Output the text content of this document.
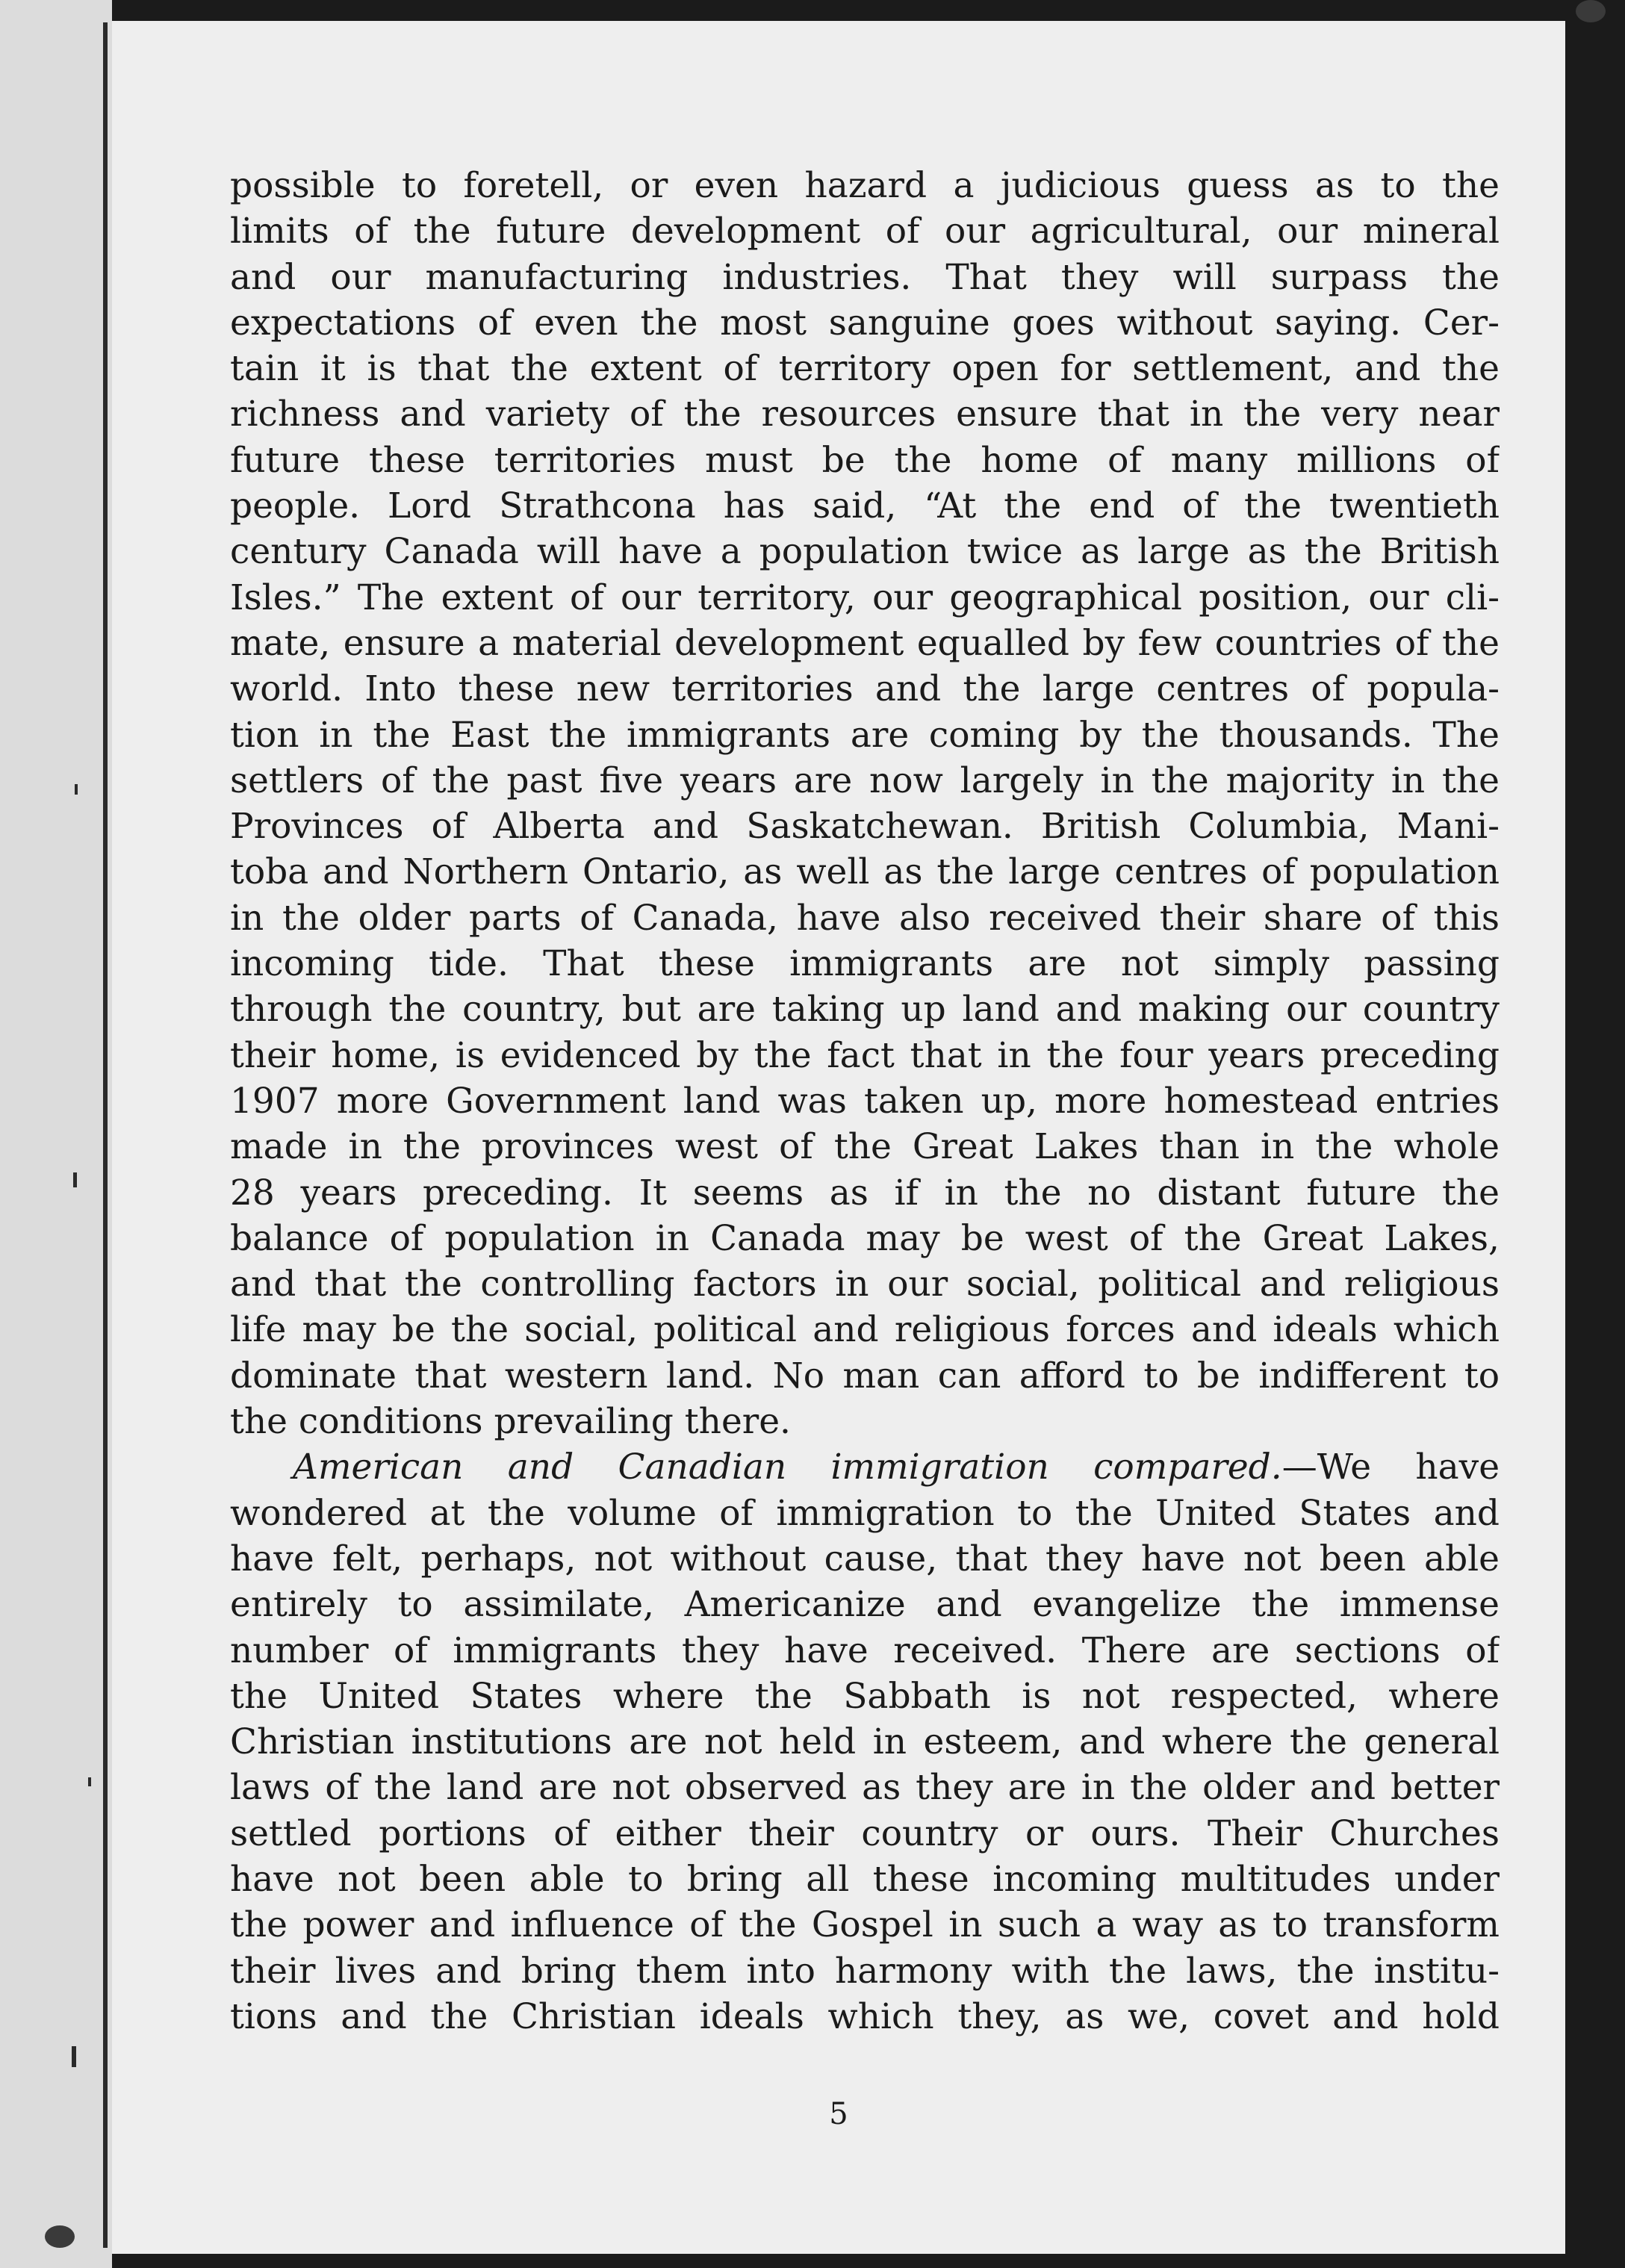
possible to foretell, or even hazard a judicious guess as to the
limits of the future development of our agricultural, our mineral
and our manufacturing industries. That they will surpass the
expectations of even the most sanguine goes without saying. Cer-
tain it is that the extent of territory open for settlement, and the
richness and variety of the resources ensure that in the very near
future these territories must be the home of many millions of
people. Lord Strathcona has said, “At the end of the twentieth
century Canada will have a population twice as large as the British
Isles.” The extent of our territory, our geographical position, our cli-
mate, ensure a material development equalled by few countries of the
world. Into these new territories and the large centres of popula-
tion in the East the immigrants are coming by the thousands. The
settlers of the past five years are now largely in the majority in the
Provinces of Alberta and Saskatchewan. British Columbia, Mani-
toba and Northern Ontario, as well as the large centres of population
in the older parts of Canada, have also received their share of this
incoming tide. That these immigrants are not simply passing
through the country, but are taking up land and making our country
their home, is evidenced by the fact that in the four years preceding
1907 more Government land was taken up, more homestead entries
made in the provinces west of the Great Lakes than in the whole
28 years preceding. It seems as if in the no distant future the
balance of population in Canada may be west of the Great Lakes,
and that the controlling factors in our social, political and religious
life may be the social, political and religious forces and ideals which
dominate that western land. No man can afford to be indifferent to
the conditions prevailing there.
American and Canadian immigration compared.—We have
wondered at the volume of immigration to the United States and
have felt, perhaps, not without cause, that they have not been able
entirely to assimilate, Americanize and evangelize the immense
number of immigrants they have received. There are sections of
the United States where the Sabbath is not respected, where
Christian institutions are not held in esteem, and where the general
laws of the land are not observed as they are in the older and better
settled portions of either their country or ours. Their Churches
have not been able to bring all these incoming multitudes under
the power and influence of the Gospel in such a way as to transform
their lives and bring them into harmony with the laws, the institu-
tions and the Christian ideals which they, as we, covet and hold
5
